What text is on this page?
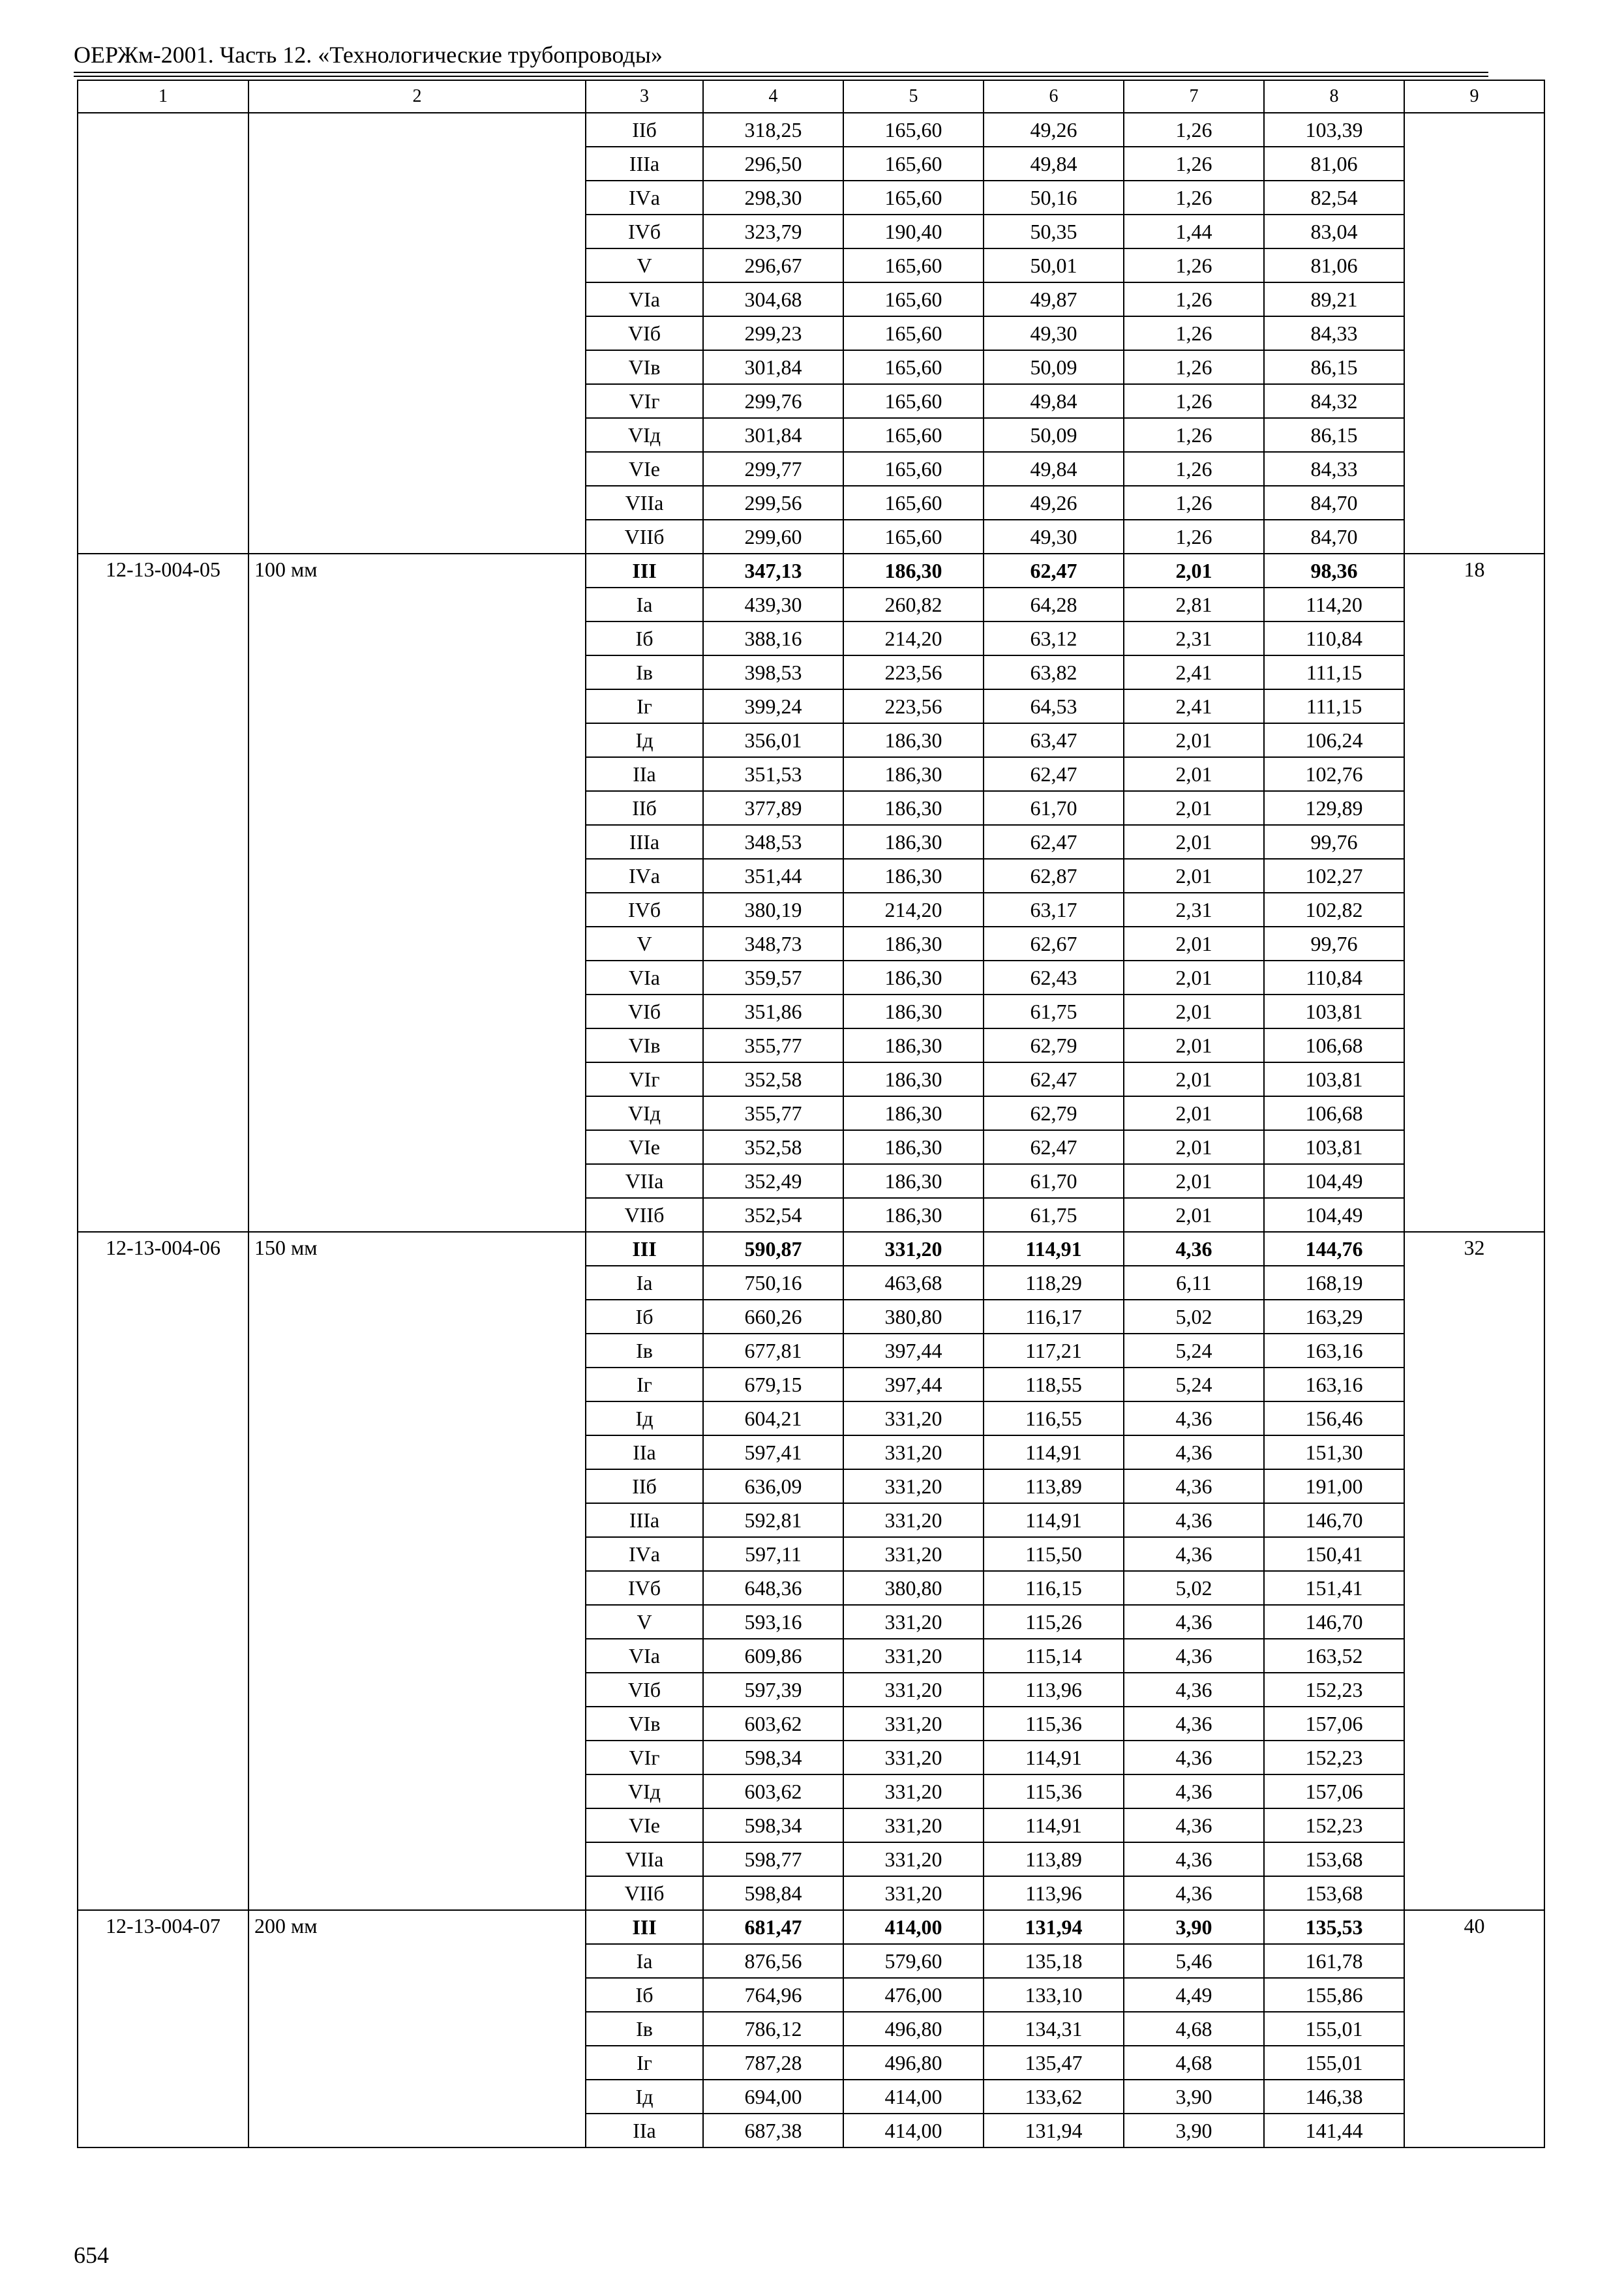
ОЕРЖм-2001. Часть 12. «Технологические трубопроводы»
1	2	3	4	5	6	7	8	9
		IIб	318,25	165,60	49,26	1,26	103,39	
		IIIа	296,50	165,60	49,84	1,26	81,06	
		IVа	298,30	165,60	50,16	1,26	82,54	
		IVб	323,79	190,40	50,35	1,44	83,04	
		V	296,67	165,60	50,01	1,26	81,06	
		VIа	304,68	165,60	49,87	1,26	89,21	
		VIб	299,23	165,60	49,30	1,26	84,33	
		VIв	301,84	165,60	50,09	1,26	86,15	
		VIг	299,76	165,60	49,84	1,26	84,32	
		VIд	301,84	165,60	50,09	1,26	86,15	
		VIе	299,77	165,60	49,84	1,26	84,33	
		VIIа	299,56	165,60	49,26	1,26	84,70	
		VIIб	299,60	165,60	49,30	1,26	84,70	
12-13-004-05	100 мм	III	347,13	186,30	62,47	2,01	98,36	18
		Iа	439,30	260,82	64,28	2,81	114,20	
		Iб	388,16	214,20	63,12	2,31	110,84	
		Iв	398,53	223,56	63,82	2,41	111,15	
		Iг	399,24	223,56	64,53	2,41	111,15	
		Iд	356,01	186,30	63,47	2,01	106,24	
		IIа	351,53	186,30	62,47	2,01	102,76	
		IIб	377,89	186,30	61,70	2,01	129,89	
		IIIа	348,53	186,30	62,47	2,01	99,76	
		IVа	351,44	186,30	62,87	2,01	102,27	
		IVб	380,19	214,20	63,17	2,31	102,82	
		V	348,73	186,30	62,67	2,01	99,76	
		VIа	359,57	186,30	62,43	2,01	110,84	
		VIб	351,86	186,30	61,75	2,01	103,81	
		VIв	355,77	186,30	62,79	2,01	106,68	
		VIг	352,58	186,30	62,47	2,01	103,81	
		VIд	355,77	186,30	62,79	2,01	106,68	
		VIе	352,58	186,30	62,47	2,01	103,81	
		VIIа	352,49	186,30	61,70	2,01	104,49	
		VIIб	352,54	186,30	61,75	2,01	104,49	
12-13-004-06	150 мм	III	590,87	331,20	114,91	4,36	144,76	32
		Iа	750,16	463,68	118,29	6,11	168,19	
		Iб	660,26	380,80	116,17	5,02	163,29	
		Iв	677,81	397,44	117,21	5,24	163,16	
		Iг	679,15	397,44	118,55	5,24	163,16	
		Iд	604,21	331,20	116,55	4,36	156,46	
		IIа	597,41	331,20	114,91	4,36	151,30	
		IIб	636,09	331,20	113,89	4,36	191,00	
		IIIа	592,81	331,20	114,91	4,36	146,70	
		IVа	597,11	331,20	115,50	4,36	150,41	
		IVб	648,36	380,80	116,15	5,02	151,41	
		V	593,16	331,20	115,26	4,36	146,70	
		VIа	609,86	331,20	115,14	4,36	163,52	
		VIб	597,39	331,20	113,96	4,36	152,23	
		VIв	603,62	331,20	115,36	4,36	157,06	
		VIг	598,34	331,20	114,91	4,36	152,23	
		VIд	603,62	331,20	115,36	4,36	157,06	
		VIе	598,34	331,20	114,91	4,36	152,23	
		VIIа	598,77	331,20	113,89	4,36	153,68	
		VIIб	598,84	331,20	113,96	4,36	153,68	
12-13-004-07	200 мм	III	681,47	414,00	131,94	3,90	135,53	40
		Iа	876,56	579,60	135,18	5,46	161,78	
		Iб	764,96	476,00	133,10	4,49	155,86	
		Iв	786,12	496,80	134,31	4,68	155,01	
		Iг	787,28	496,80	135,47	4,68	155,01	
		Iд	694,00	414,00	133,62	3,90	146,38	
		IIа	687,38	414,00	131,94	3,90	141,44	
654
